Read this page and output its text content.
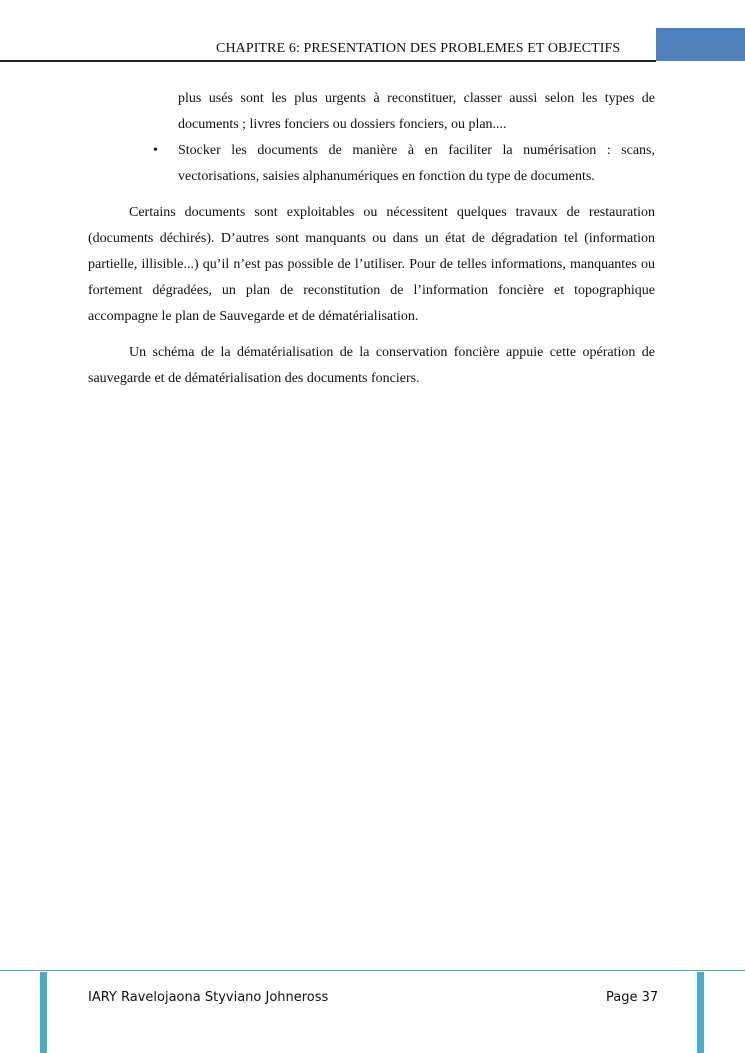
CHAPITRE 6: PRESENTATION DES PROBLEMES ET OBJECTIFS

plus usés sont les plus urgents à reconstituer, classer aussi selon les types de documents ; livres fonciers ou dossiers fonciers, ou plan....

•	Stocker les documents de manière à en faciliter la numérisation : scans, vectorisations, saisies alphanumériques en fonction du type de documents.

Certains documents sont exploitables ou nécessitent quelques travaux de restauration (documents déchirés). D’autres sont manquants ou dans un état de dégradation tel (information partielle, illisible...) qu’il n’est pas possible de l’utiliser. Pour de telles informations, manquantes ou fortement dégradées, un plan de reconstitution de l’information foncière et topographique accompagne le plan de Sauvegarde et de dématérialisation.

Un schéma de la dématérialisation de la conservation foncière appuie cette opération de sauvegarde et de dématérialisation des documents fonciers.

IARY Ravelojaona Styviano Johneross	Page 37
